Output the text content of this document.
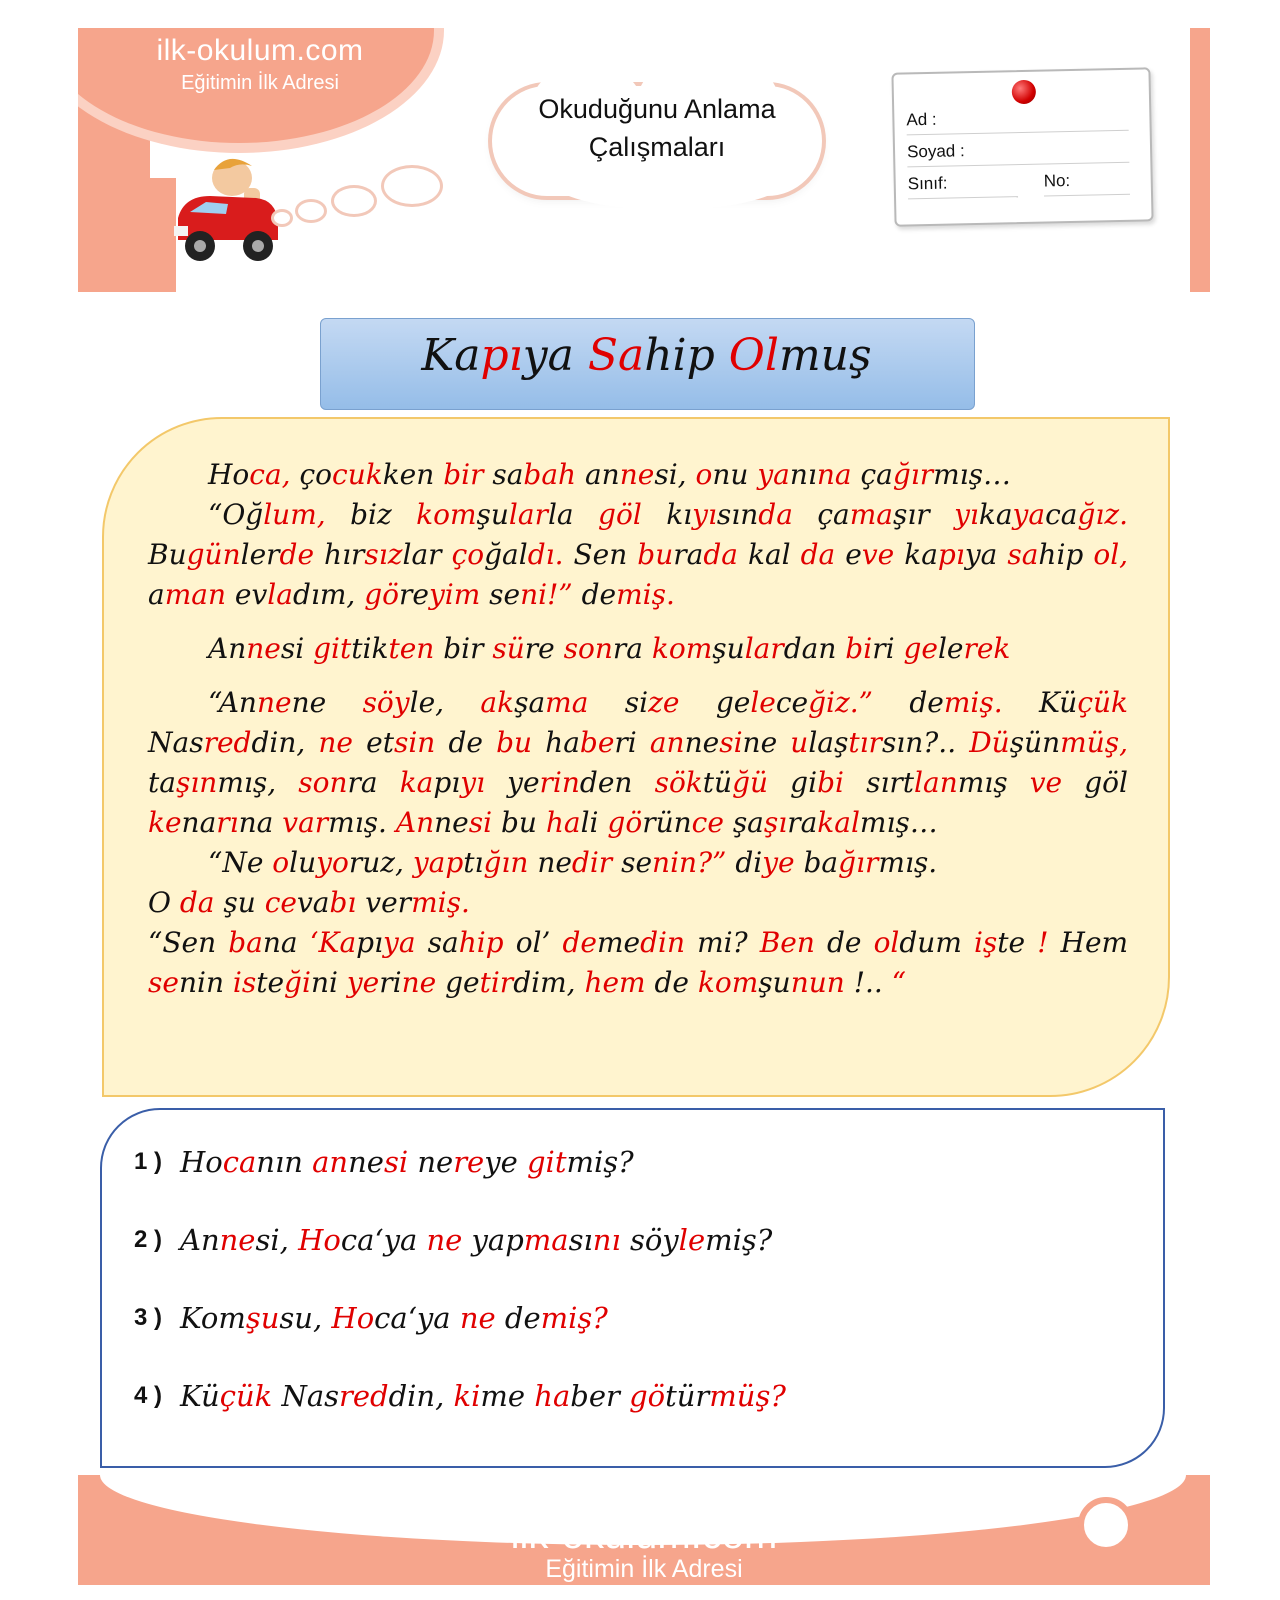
ilk-okulum.com
Eğitimin İlk Adresi
Okuduğunu Anlama
Çalışmaları
Ad :
Soyad :
Sınıf:	No:
Kapıya Sahip Olmuş

Hoca, çocukken bir sabah annesi, onu yanına çağırmış…

“Oğlum, biz komşularla göl kıyısında çamaşır yıkayacağız. Bugünlerde hırsızlar çoğaldı. Sen burada kal da eve kapıya sahip ol, aman evladım, göreyim seni!” demiş.

Annesi gittikten bir süre sonra komşulardan biri gelerek

“Annene söyle, akşama size geleceğiz.” demiş. Küçük Nasreddin, ne etsin de bu haberi annesine ulaştırsın?.. Düşünmüş, taşınmış, sonra kapıyı yerinden söktüğü gibi sırtlanmış ve göl kenarına varmış. Annesi bu hali görünce şaşırakalmış…

“Ne oluyoruz, yaptığın nedir senin?” diye bağırmış.

O da şu cevabı vermiş.

“Sen bana ‘Kapıya sahip ol’ demedin mi? Ben de oldum işte ! Hem senin isteğini yerine getirdim, hem de komşunun !.. “

1 ) Hocanın annesi nereye gitmiş?
2 ) Annesi, Hoca‘ya ne yapmasını söylemiş?
3 ) Komşusu, Hoca‘ya ne demiş?
4 ) Küçük Nasreddin, kime haber götürmüş?
ilk-okulum.com
Eğitimin İlk Adresi
